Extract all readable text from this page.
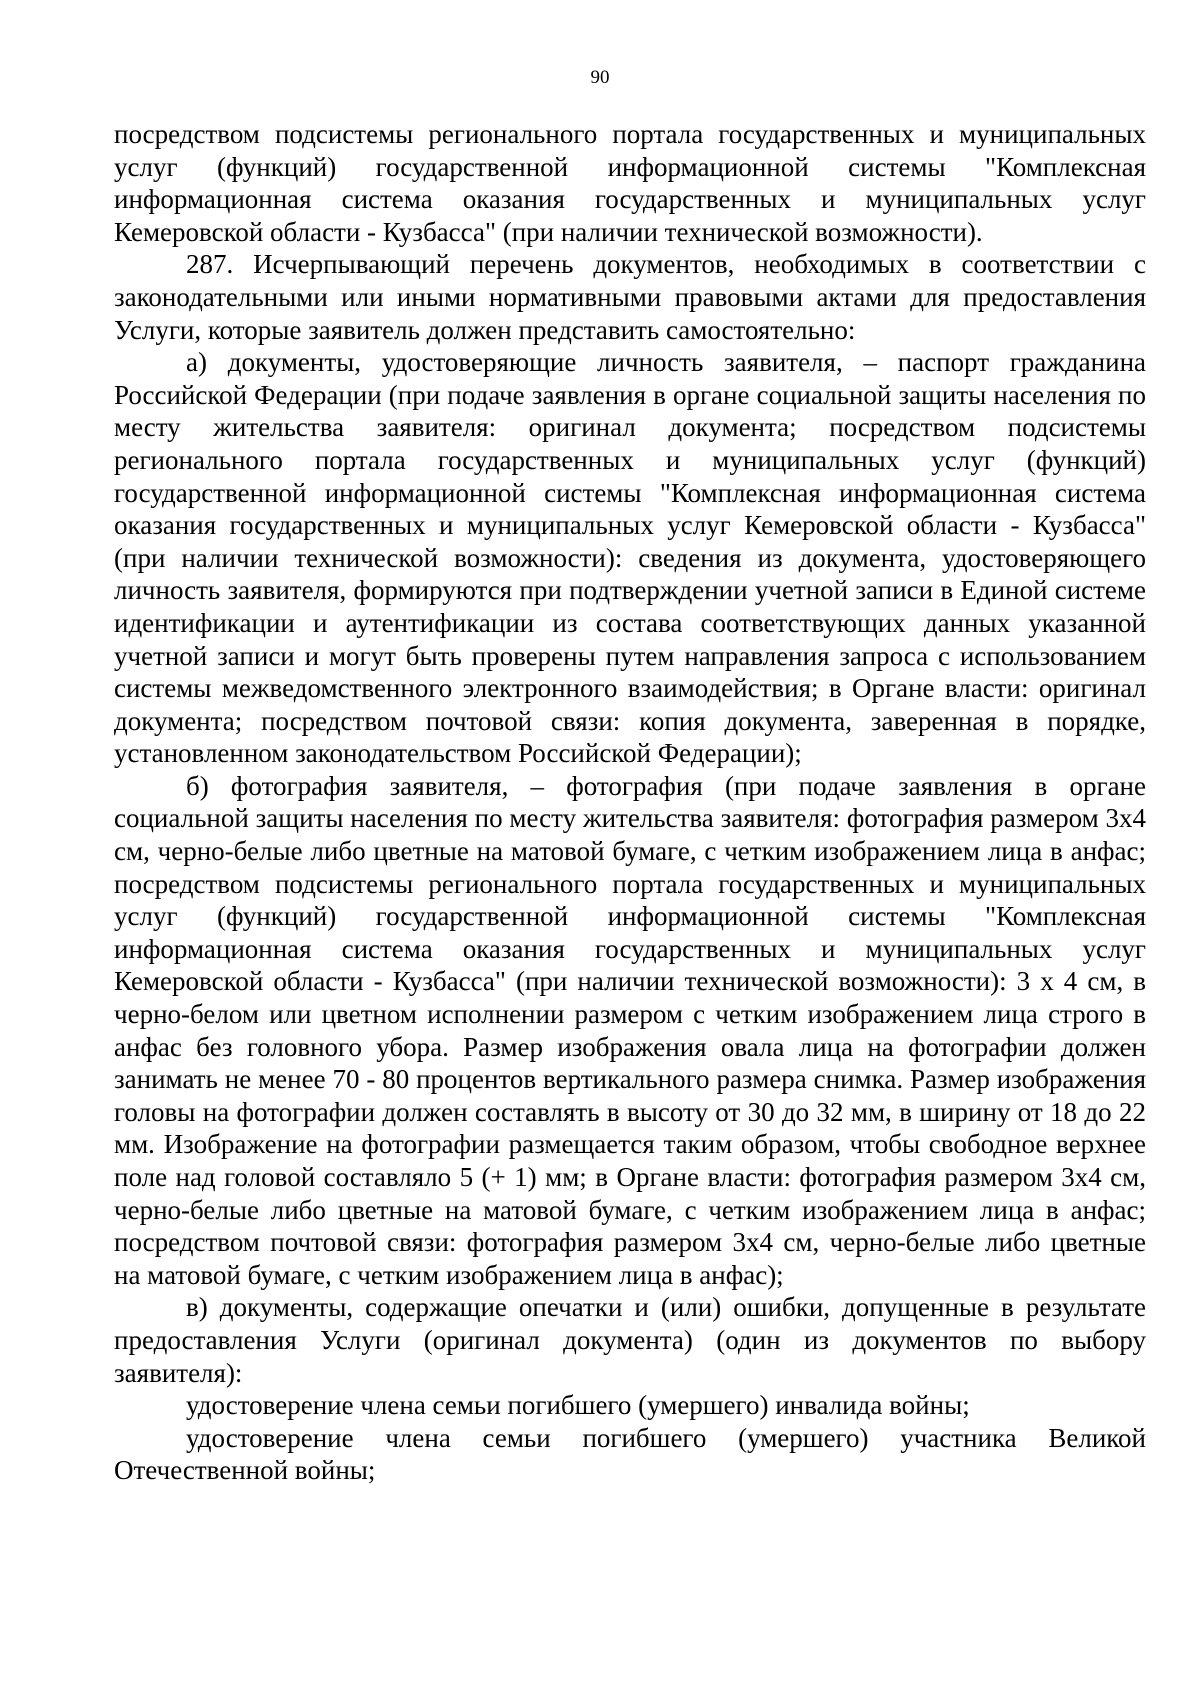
90

посредством подсистемы регионального портала государственных и муниципальных услуг (функций) государственной информационной системы "Комплексная информационная система оказания государственных и муниципальных услуг Кемеровской области - Кузбасса" (при наличии технической возможности).

287. Исчерпывающий перечень документов, необходимых в соответствии с законодательными или иными нормативными правовыми актами для предоставления Услуги, которые заявитель должен представить самостоятельно:

а) документы, удостоверяющие личность заявителя, – паспорт гражданина Российской Федерации (при подаче заявления в органе социальной защиты населения по месту жительства заявителя: оригинал документа; посредством подсистемы регионального портала государственных и муниципальных услуг (функций) государственной информационной системы "Комплексная информационная система оказания государственных и муниципальных услуг Кемеровской области - Кузбасса" (при наличии технической возможности): сведения из документа, удостоверяющего личность заявителя, формируются при подтверждении учетной записи в Единой системе идентификации и аутентификации из состава соответствующих данных указанной учетной записи и могут быть проверены путем направления запроса с использованием системы межведомственного электронного взаимодействия; в Органе власти: оригинал документа; посредством почтовой связи: копия документа, заверенная в порядке, установленном законодательством Российской Федерации);

б) фотография заявителя, – фотография (при подаче заявления в органе социальной защиты населения по месту жительства заявителя: фотография размером 3х4 см, черно-белые либо цветные на матовой бумаге, с четким изображением лица в анфас; посредством подсистемы регионального портала государственных и муниципальных услуг (функций) государственной информационной системы "Комплексная информационная система оказания государственных и муниципальных услуг Кемеровской области - Кузбасса" (при наличии технической возможности): 3 х 4 см, в черно-белом или цветном исполнении размером с четким изображением лица строго в анфас без головного убора. Размер изображения овала лица на фотографии должен занимать не менее 70 - 80 процентов вертикального размера снимка. Размер изображения головы на фотографии должен составлять в высоту от 30 до 32 мм, в ширину от 18 до 22 мм. Изображение на фотографии размещается таким образом, чтобы свободное верхнее поле над головой составляло 5 (+ 1) мм; в Органе власти: фотография размером 3х4 см, черно-белые либо цветные на матовой бумаге, с четким изображением лица в анфас; посредством почтовой связи: фотография размером 3х4 см, черно-белые либо цветные на матовой бумаге, с четким изображением лица в анфас);

в) документы, содержащие опечатки и (или) ошибки, допущенные в результате предоставления Услуги (оригинал документа) (один из документов по выбору заявителя):

удостоверение члена семьи погибшего (умершего) инвалида войны;

удостоверение члена семьи погибшего (умершего) участника Великой Отечественной войны;
